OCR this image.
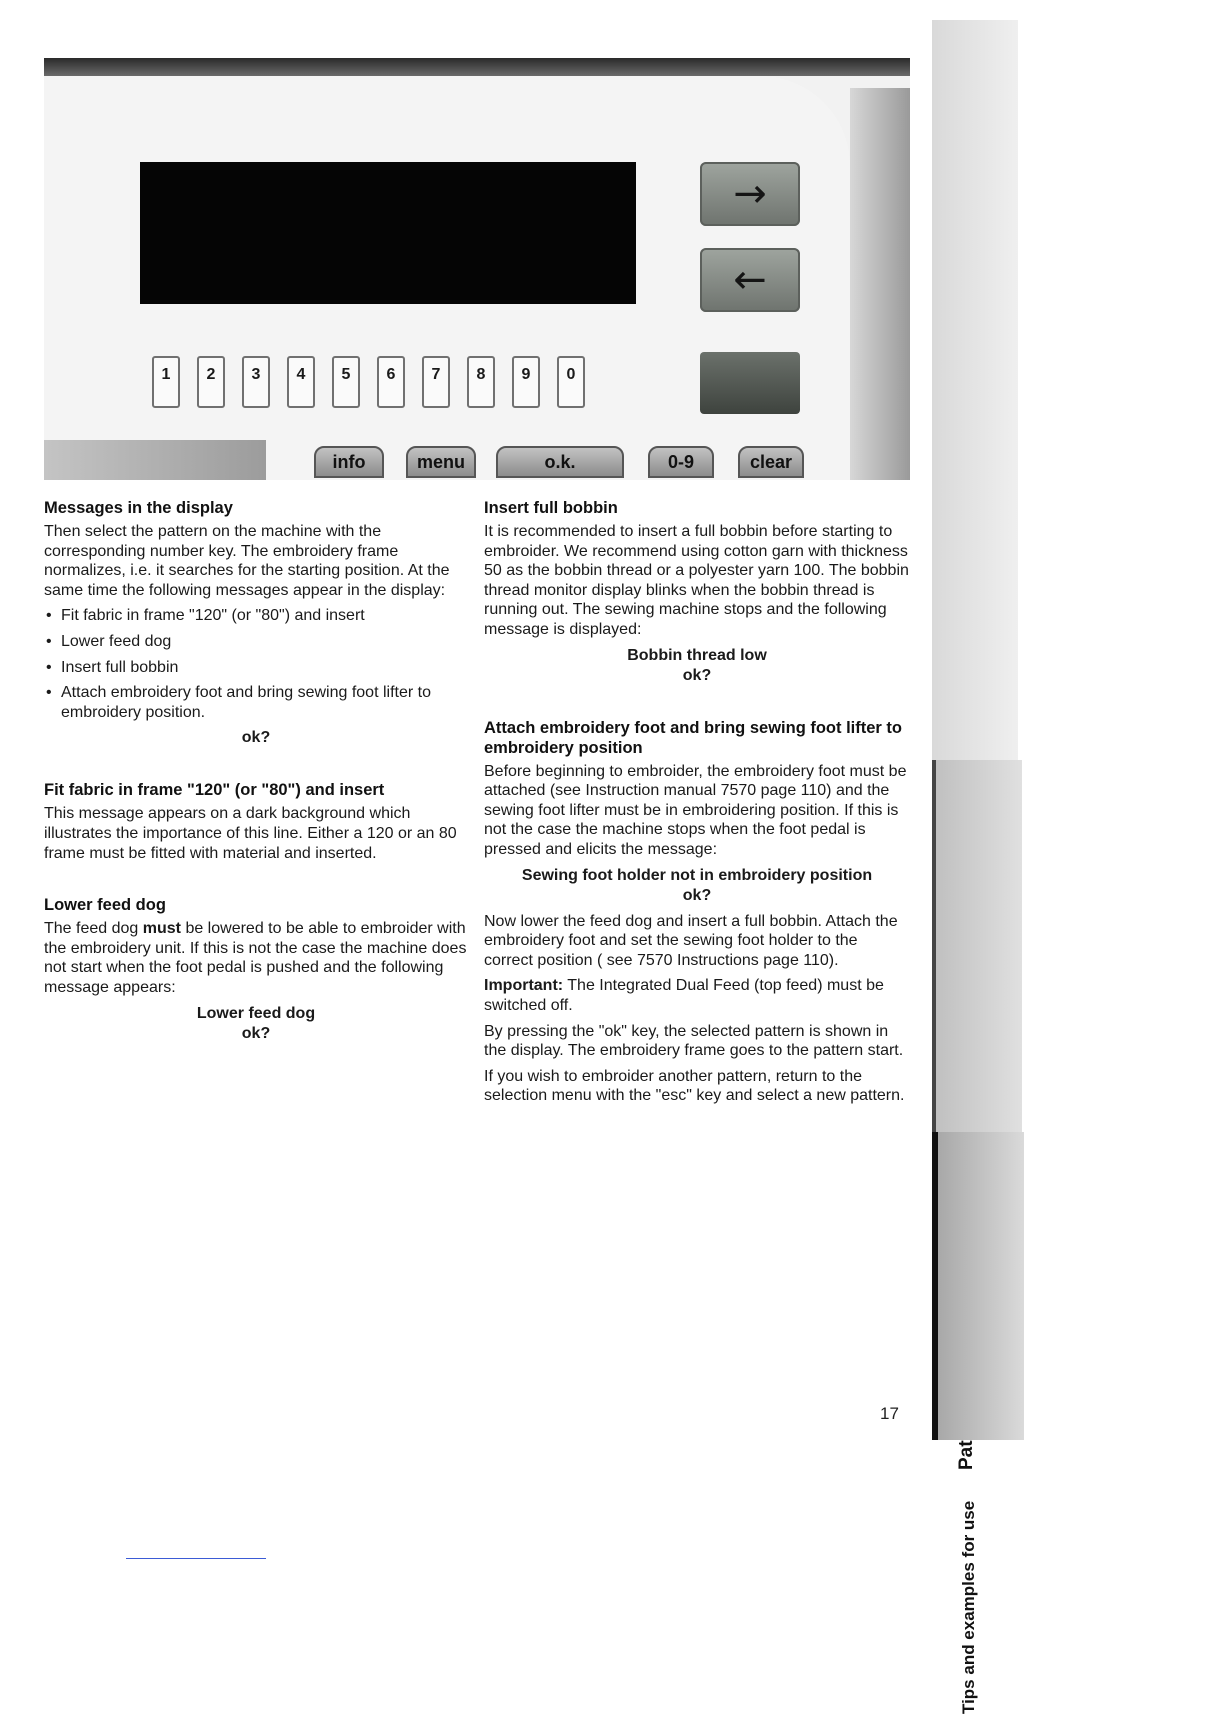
→
←
1	2	3	4	5	6	7	8	9	0
info	menu	o.k.	0-9	clear
Tips and examples for use
Messages in the display

Then select the pattern on the machine with the corresponding number key. The embroidery frame normalizes, i.e. it searches for the starting position. At the same time the following messages appear in the display:

• Fit fabric in frame "120" (or "80") and insert
• Lower feed dog
• Insert full bobbin
• Attach embroidery foot and bring sewing foot lifter to embroidery position.
ok?
Fit fabric in frame "120" (or "80") and insert

This message appears on a dark background which illustrates the importance of this line. Either a 120 or an 80 frame must be fitted with material and inserted.

Lower feed dog

The feed dog must be lowered to be able to embroider with the embroidery unit. If this is not the case the machine does not start when the foot pedal is pushed and the following message appears:

Lower feed dog
ok?
Insert full bobbin

It is recommended to insert a full bobbin before starting to embroider. We recommend using cotton garn with thickness 50 as the bobbin thread or a polyester yarn 100. The bobbin thread monitor display blinks when the bobbin thread is running out. The sewing machine stops and the following message is displayed:

Bobbin thread low
ok?
Attach embroidery foot and bring sewing foot lifter to embroidery position

Before beginning to embroider, the embroidery foot must be attached (see Instruction manual 7570 page 110) and the sewing foot lifter must be in embroidering position. If this is not the case the machine stops when the foot pedal is pressed and elicits the message:

Sewing foot holder not in embroidery position
ok?

Now lower the feed dog and insert a full bobbin. Attach the embroidery foot and set the sewing foot holder to the correct position ( see 7570 Instructions page 110).

Important: The Integrated Dual Feed (top feed) must be switched off.

By pressing the "ok" key, the selected pattern is shown in the display. The embroidery frame goes to the pattern start.

If you wish to embroider another pattern, return to the selection menu with the "esc" key and select a new pattern.

17
